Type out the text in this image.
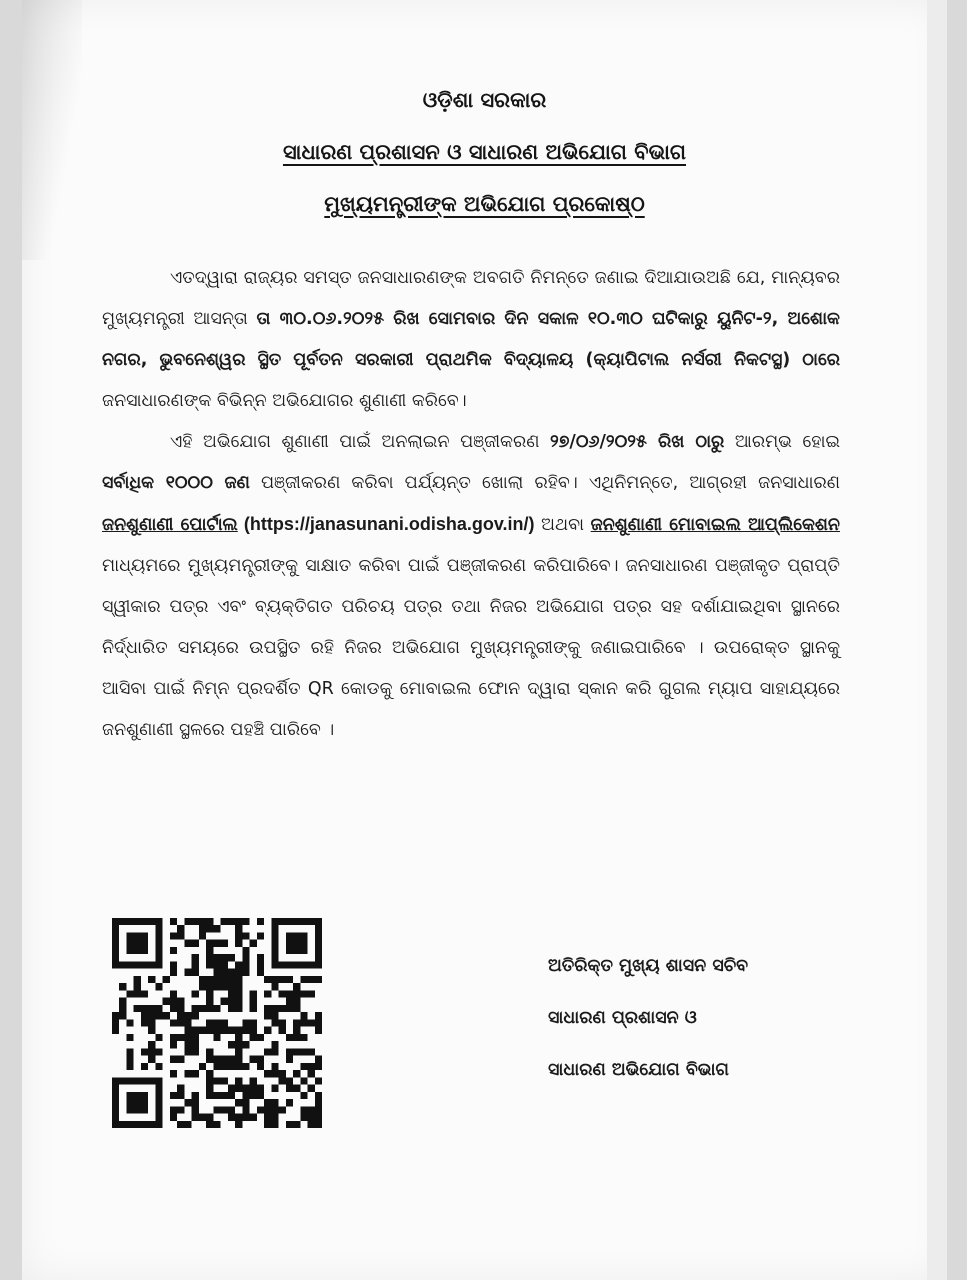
ଓଡ଼ିଶା ସରକାର
ସାଧାରଣ ପ୍ରଶାସନ ଓ ସାଧାରଣ ଅଭିଯୋଗ ବିଭାଗ
ମୁଖ୍ୟମନ୍ତ୍ରୀଙ୍କ ଅଭିଯୋଗ ପ୍ରକୋଷ୍ଠ

ଏତଦ୍ୱାରା ରାଜ୍ୟର ସମସ୍ତ ଜନସାଧାରଣଙ୍କ ଅବଗତି ନିମନ୍ତେ ଜଣାଇ ଦିଆଯାଉଅଛି ଯେ, ମାନ୍ୟବର ମୁଖ୍ୟମନ୍ତ୍ରୀ ଆସନ୍ତା ତା ୩୦.୦୬.୨୦୨୫ ରିଖ ସୋମବାର ଦିନ ସକାଳ ୧୦.୩୦ ଘଟିକାରୁ ୟୁନିଟ-୨, ଅଶୋକ ନଗର, ଭୁବନେଶ୍ୱର ସ୍ଥିତ ପୂର୍ବତନ ସରକାରୀ ପ୍ରାଥମିକ ବିଦ୍ୟାଳୟ (କ୍ୟାପିଟାଲ ନର୍ସରୀ ନିକଟସ୍ଥ) ଠାରେ ଜନସାଧାରଣଙ୍କ ବିଭିନ୍ନ ଅଭିଯୋଗର ଶୁଣାଣୀ କରିବେ।

ଏହି ଅଭିଯୋଗ ଶୁଣାଣୀ ପାଇଁ ଅନଲାଇନ ପଞ୍ଜୀକରଣ ୨୭/୦୬/୨୦୨୫ ରିଖ ଠାରୁ ଆରମ୍ଭ ହୋଇ ସର୍ବାଧିକ ୧୦୦୦ ଜଣ ପଞ୍ଜୀକରଣ କରିବା ପର୍ଯ୍ୟନ୍ତ ଖୋଲା ରହିବ। ଏଥିନିମନ୍ତେ, ଆଗ୍ରହୀ ଜନସାଧାରଣ ଜନଶୁଣାଣୀ ପୋର୍ଟାଲ (https://janasunani.odisha.gov.in/) ଅଥବା ଜନଶୁଣାଣୀ ମୋବାଇଲ ଆପ୍ଲିକେଶନ ମାଧ୍ୟମରେ ମୁଖ୍ୟମନ୍ତ୍ରୀଙ୍କୁ ସାକ୍ଷାତ କରିବା ପାଇଁ ପଞ୍ଜୀକରଣ କରିପାରିବେ। ଜନସାଧାରଣ ପଞ୍ଜୀକୃତ ପ୍ରାପ୍ତି ସ୍ୱୀକାର ପତ୍ର ଏବଂ ବ୍ୟକ୍ତିଗତ ପରିଚୟ ପତ୍ର ତଥା ନିଜର ଅଭିଯୋଗ ପତ୍ର ସହ ଦର୍ଶାଯାଇଥିବା ସ୍ଥାନରେ ନିର୍ଦ୍ଧାରିତ ସମୟରେ ଉପସ୍ଥିତ ରହି ନିଜର ଅଭିଯୋଗ ମୁଖ୍ୟମନ୍ତ୍ରୀଙ୍କୁ ଜଣାଇପାରିବେ । ଉପରୋକ୍ତ ସ୍ଥାନକୁ ଆସିବା ପାଇଁ ନିମ୍ନ ପ୍ରଦର୍ଶିତ QR କୋଡକୁ ମୋବାଇଲ ଫୋନ ଦ୍ୱାରା ସ୍କାନ କରି ଗୁଗଲ ମ୍ୟାପ ସାହାଯ୍ୟରେ ଜନଶୁଣାଣୀ ସ୍ଥଳରେ ପହଞ୍ଚି ପାରିବେ ।

ଅତିରିକ୍ତ ମୁଖ୍ୟ ଶାସନ ସଚିବ
ସାଧାରଣ ପ୍ରଶାସନ ଓ
ସାଧାରଣ ଅଭିଯୋଗ ବିଭାଗ
